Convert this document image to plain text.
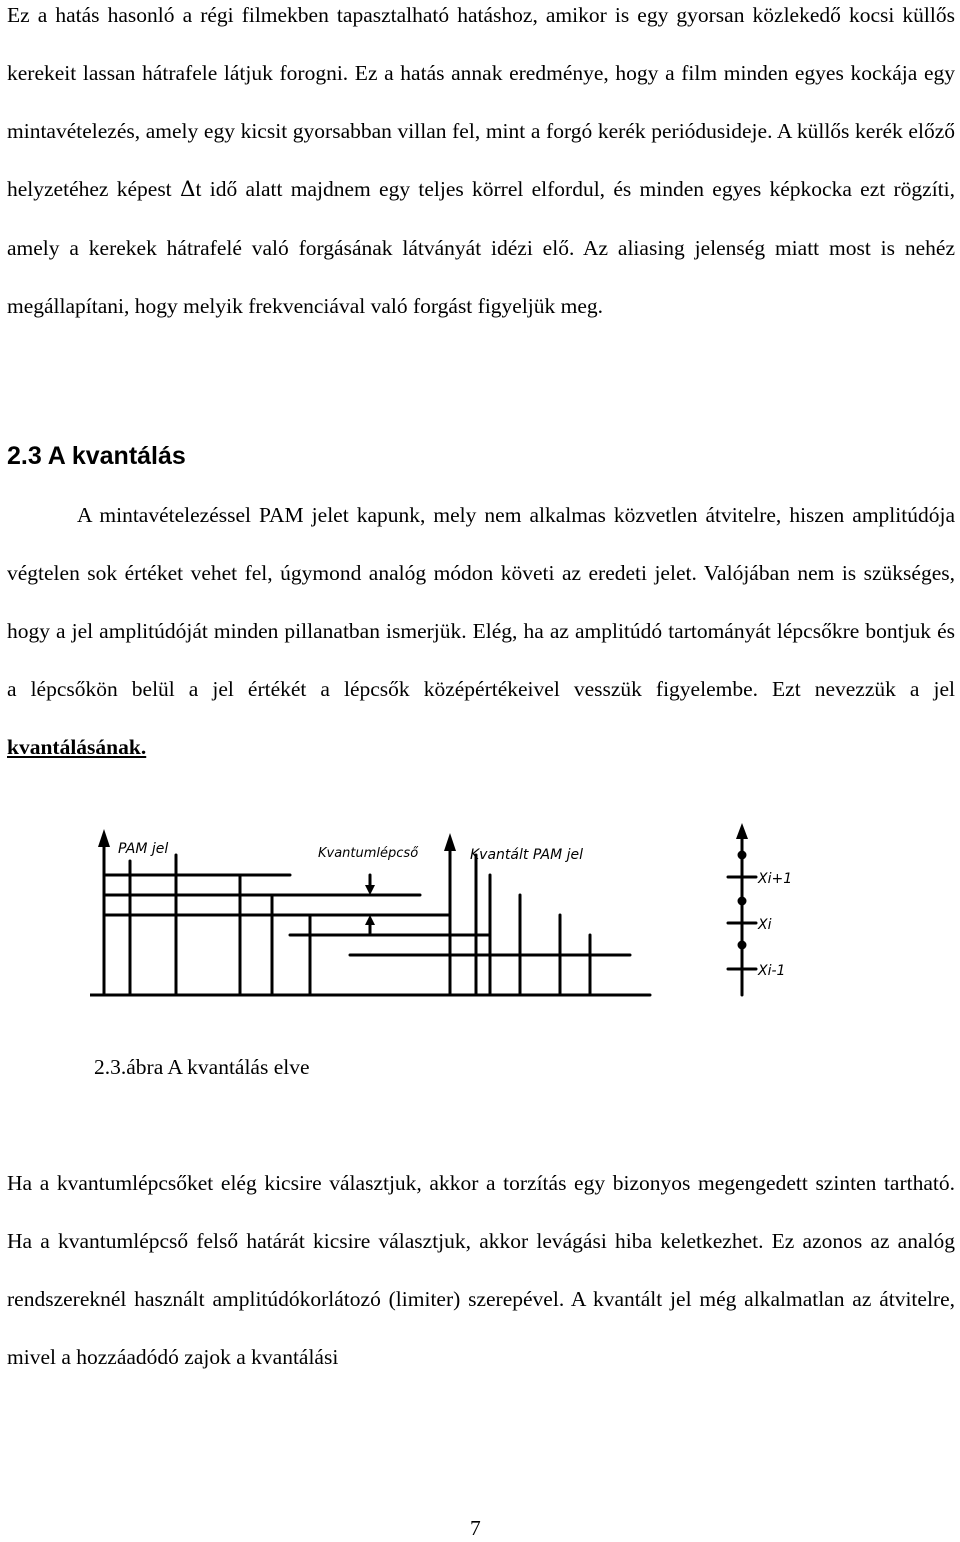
Ez a hatás hasonló a régi filmekben tapasztalható hatáshoz, amikor is egy gyorsan közlekedő kocsi küllős kerekeit lassan hátrafele látjuk forogni. Ez a hatás annak eredménye, hogy a film minden egyes kockája egy mintavételezés, amely egy kicsit gyorsabban villan fel, mint a forgó kerék periódusideje. A küllős kerék előző helyzetéhez képest Δt idő alatt majdnem egy teljes körrel elfordul, és minden egyes képkocka ezt rögzíti, amely a kerekek hátrafelé való forgásának látványát idézi elő. Az aliasing jelenség miatt most is nehéz megállapítani, hogy melyik frekvenciával való forgást figyeljük meg.

2.3 A kvantálás

A mintavételezéssel PAM jelet kapunk, mely nem alkalmas közvetlen átvitelre, hiszen amplitúdója végtelen sok értéket vehet fel, úgymond analóg módon követi az eredeti jelet. Valójában nem is szükséges, hogy a jel amplitúdóját minden pillanatban ismerjük. Elég, ha az amplitúdó tartományát lépcsőkre bontjuk és a lépcsőkön belül a jel értékét a lépcsők középértékeivel vesszük figyelembe. Ezt nevezzük a jel kvantálásának.

PAM jel	Kvantumlépcső	Kvantált PAM jel
Xi+1
Xi
Xi-1

2.3.ábra A kvantálás elve

Ha a kvantumlépcsőket elég kicsire választjuk, akkor a torzítás egy bizonyos megengedett szinten tartható. Ha a kvantumlépcső felső határát kicsire választjuk, akkor levágási hiba keletkezhet. Ez azonos az analóg rendszereknél használt amplitúdókorlátozó (limiter) szerepével. A kvantált jel még alkalmatlan az átvitelre, mivel a hozzáadódó zajok a kvantálási

7
